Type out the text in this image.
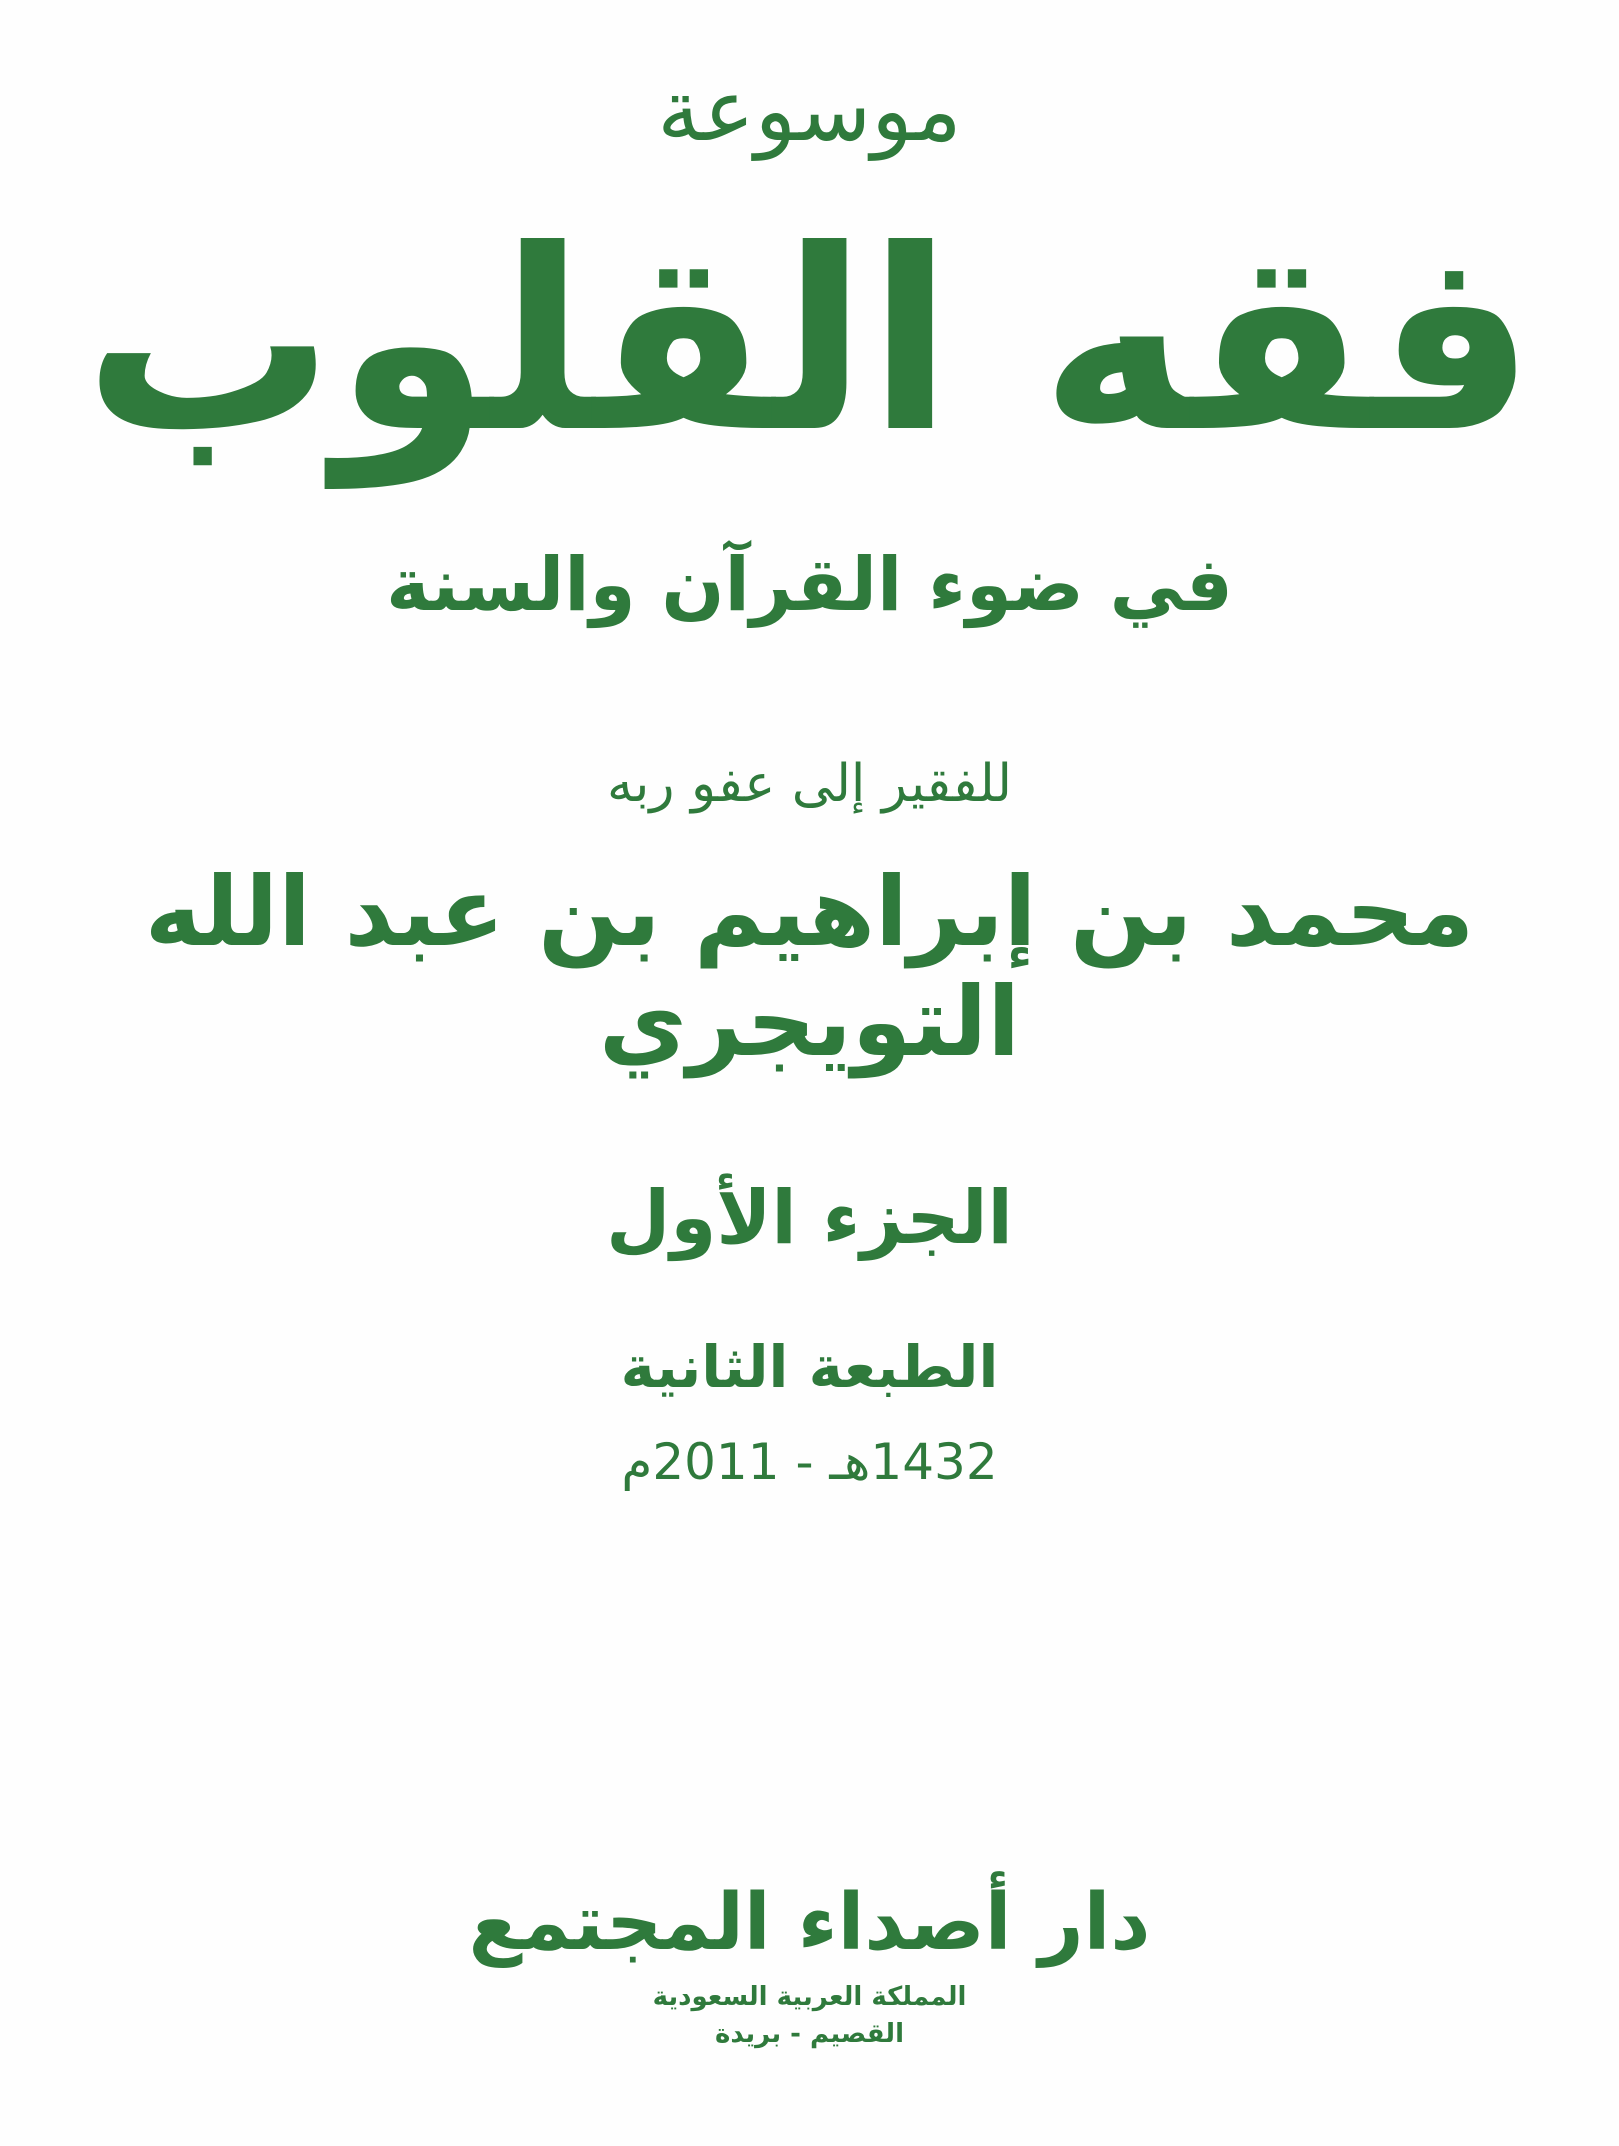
موسوعة
فقه القلوب
في ضوء القرآن والسنة
للفقير إلى عفو ربه
محمد بن إبراهيم بن عبد الله التويجري
الجزء الأول
الطبعة الثانية
1432هـ - 2011م
دار أصداء المجتمع
المملكة العربية السعودية
القصيم - بريدة
